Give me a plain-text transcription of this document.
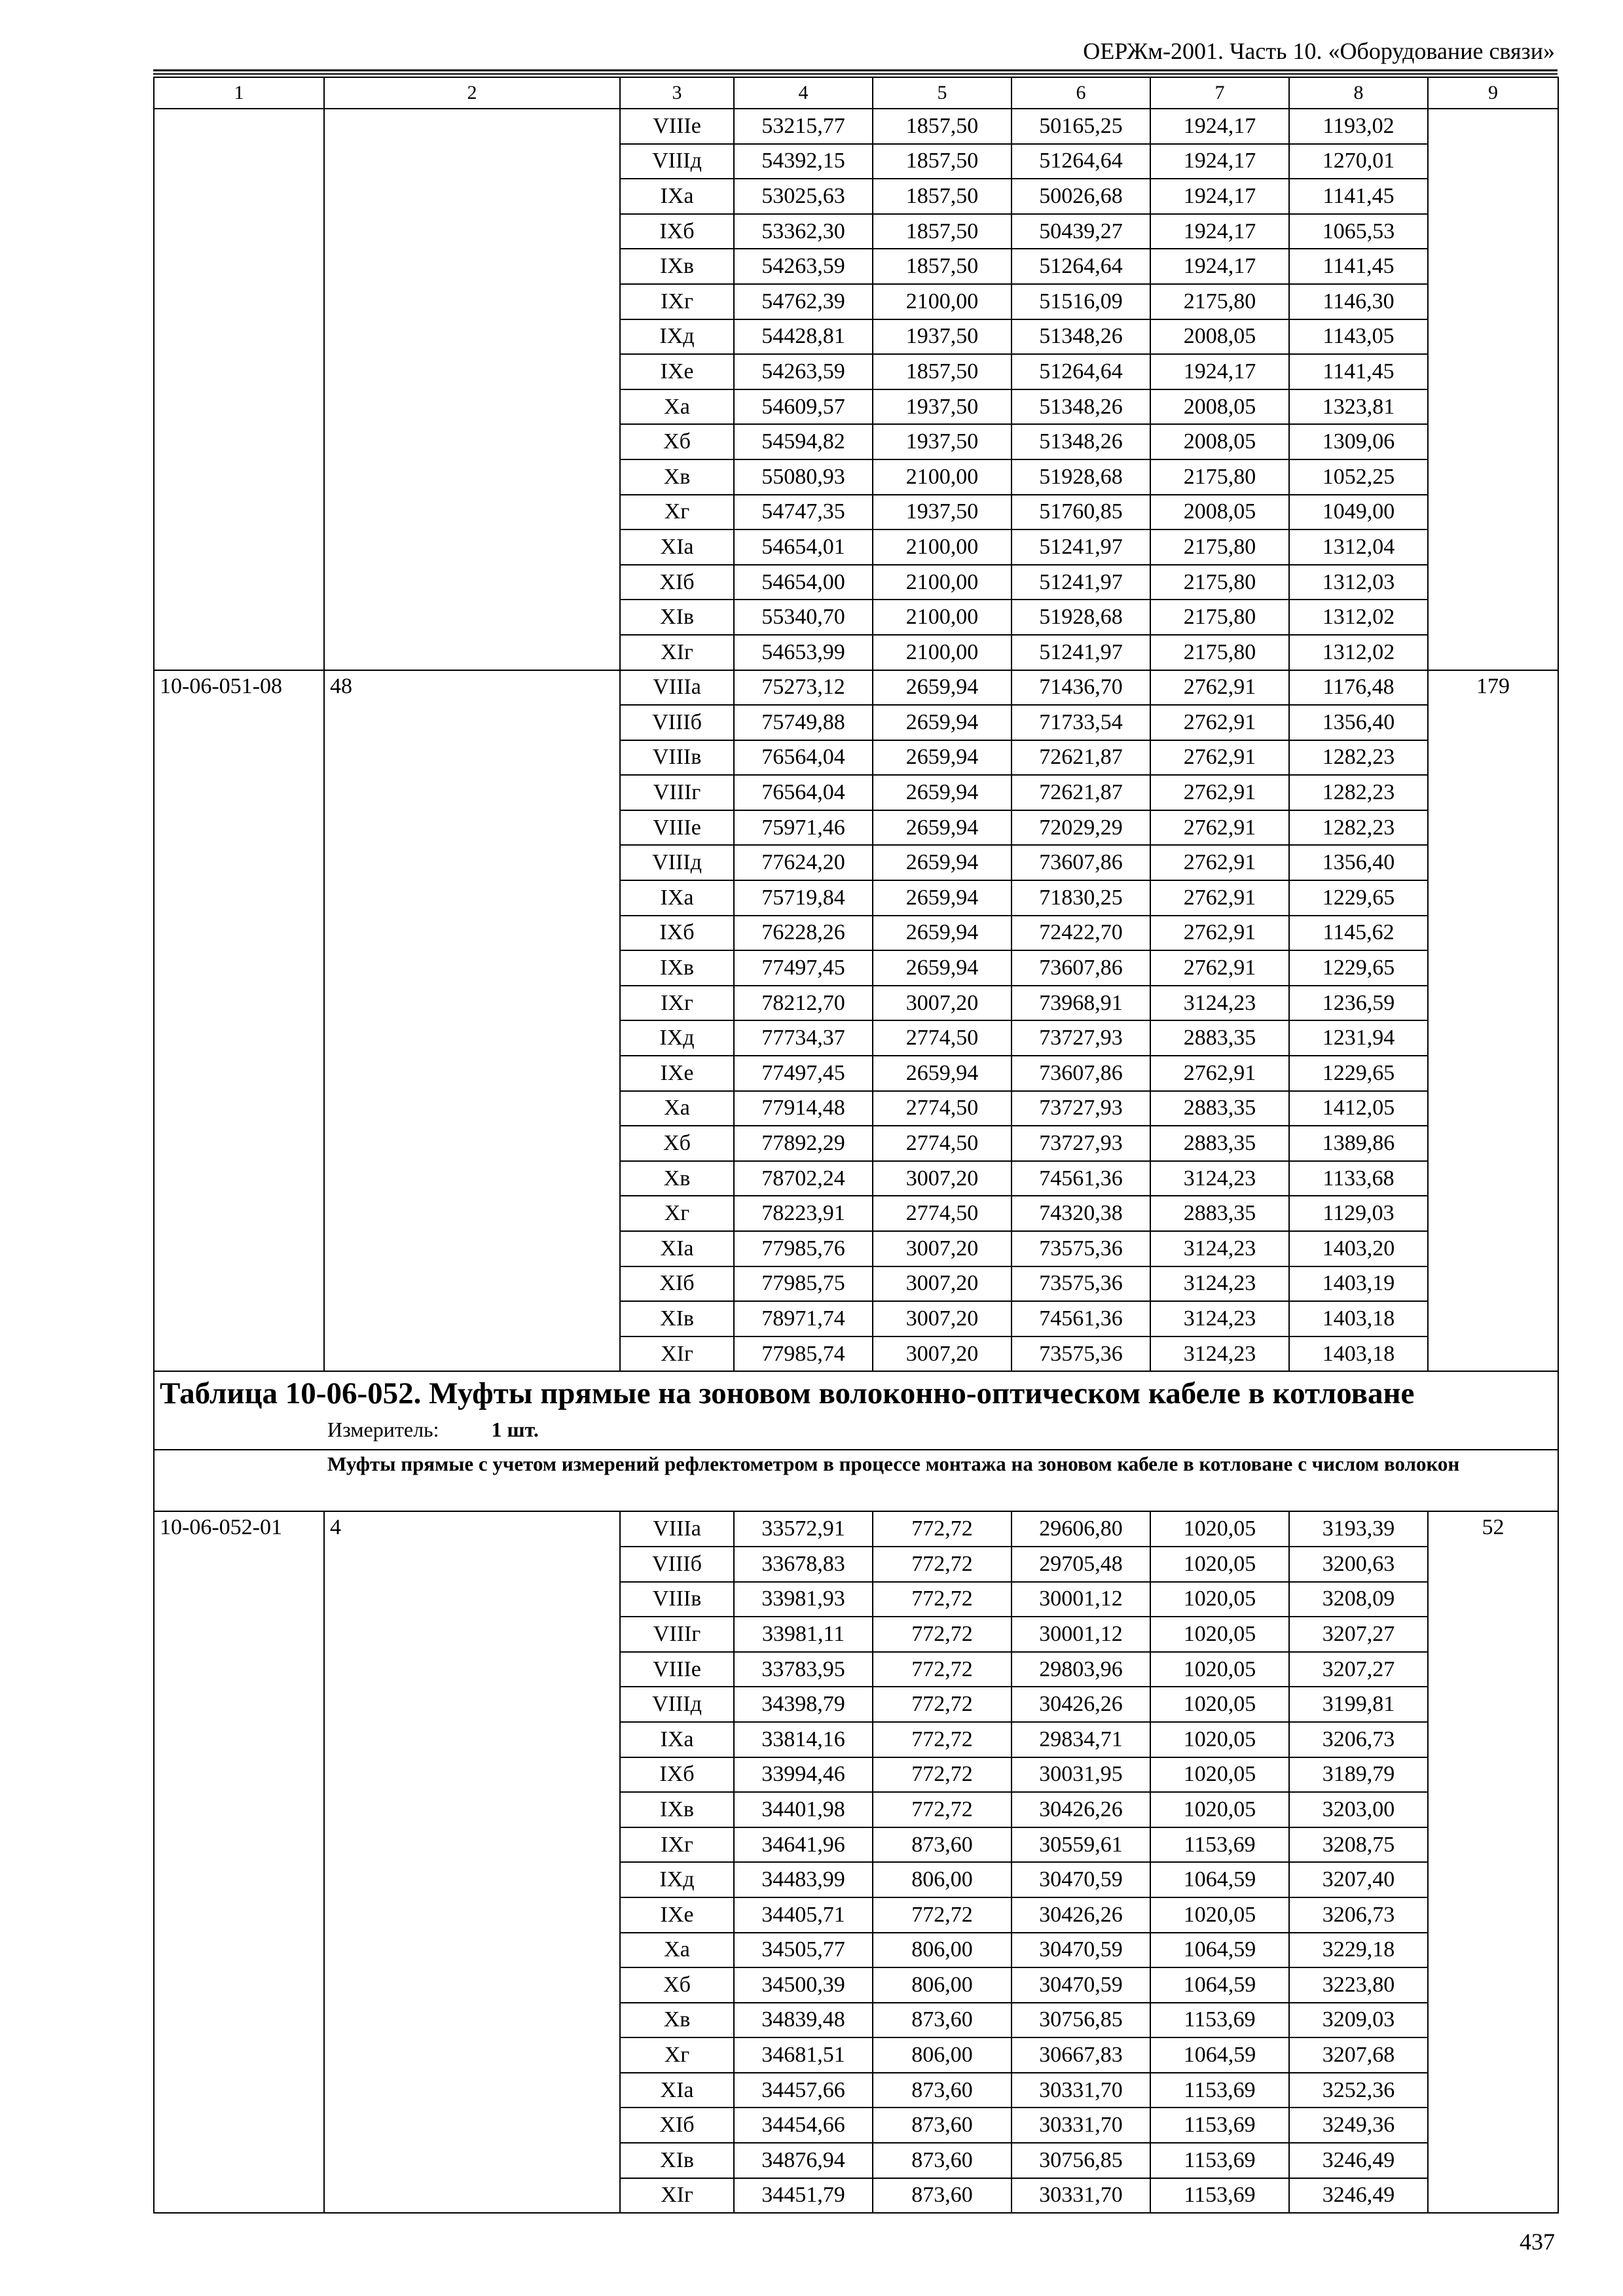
ОЕРЖм-2001. Часть 10. «Оборудование связи»
1	2	3	4	5	6	7	8	9
		VIIIе	53215,77	1857,50	50165,25	1924,17	1193,02	
		VIIIд	54392,15	1857,50	51264,64	1924,17	1270,01	
		IXа	53025,63	1857,50	50026,68	1924,17	1141,45	
		IXб	53362,30	1857,50	50439,27	1924,17	1065,53	
		IXв	54263,59	1857,50	51264,64	1924,17	1141,45	
		IXг	54762,39	2100,00	51516,09	2175,80	1146,30	
		IXд	54428,81	1937,50	51348,26	2008,05	1143,05	
		IXе	54263,59	1857,50	51264,64	1924,17	1141,45	
		Xа	54609,57	1937,50	51348,26	2008,05	1323,81	
		Xб	54594,82	1937,50	51348,26	2008,05	1309,06	
		Xв	55080,93	2100,00	51928,68	2175,80	1052,25	
		Xг	54747,35	1937,50	51760,85	2008,05	1049,00	
		XIа	54654,01	2100,00	51241,97	2175,80	1312,04	
		XIб	54654,00	2100,00	51241,97	2175,80	1312,03	
		XIв	55340,70	2100,00	51928,68	2175,80	1312,02	
		XIг	54653,99	2100,00	51241,97	2175,80	1312,02	
10-06-051-08	48	VIIIа	75273,12	2659,94	71436,70	2762,91	1176,48	179
		VIIIб	75749,88	2659,94	71733,54	2762,91	1356,40	
		VIIIв	76564,04	2659,94	72621,87	2762,91	1282,23	
		VIIIг	76564,04	2659,94	72621,87	2762,91	1282,23	
		VIIIе	75971,46	2659,94	72029,29	2762,91	1282,23	
		VIIIд	77624,20	2659,94	73607,86	2762,91	1356,40	
		IXа	75719,84	2659,94	71830,25	2762,91	1229,65	
		IXб	76228,26	2659,94	72422,70	2762,91	1145,62	
		IXв	77497,45	2659,94	73607,86	2762,91	1229,65	
		IXг	78212,70	3007,20	73968,91	3124,23	1236,59	
		IXд	77734,37	2774,50	73727,93	2883,35	1231,94	
		IXе	77497,45	2659,94	73607,86	2762,91	1229,65	
		Xа	77914,48	2774,50	73727,93	2883,35	1412,05	
		Xб	77892,29	2774,50	73727,93	2883,35	1389,86	
		Xв	78702,24	3007,20	74561,36	3124,23	1133,68	
		Xг	78223,91	2774,50	74320,38	2883,35	1129,03	
		XIа	77985,76	3007,20	73575,36	3124,23	1403,20	
		XIб	77985,75	3007,20	73575,36	3124,23	1403,19	
		XIв	78971,74	3007,20	74561,36	3124,23	1403,18	
		XIг	77985,74	3007,20	73575,36	3124,23	1403,18	

Таблица 10-06-052. Муфты прямые на зоновом волоконно-оптическом кабеле в котловане
Измеритель: 1 шт.								

Муфты прямые с учетом измерений рефлектометром в процессе монтажа на зоновом кабеле в котловане с числом волокон								

10-06-052-01	4	VIIIа	33572,91	772,72	29606,80	1020,05	3193,39	52
		VIIIб	33678,83	772,72	29705,48	1020,05	3200,63	
		VIIIв	33981,93	772,72	30001,12	1020,05	3208,09	
		VIIIг	33981,11	772,72	30001,12	1020,05	3207,27	
		VIIIе	33783,95	772,72	29803,96	1020,05	3207,27	
		VIIIд	34398,79	772,72	30426,26	1020,05	3199,81	
		IXа	33814,16	772,72	29834,71	1020,05	3206,73	
		IXб	33994,46	772,72	30031,95	1020,05	3189,79	
		IXв	34401,98	772,72	30426,26	1020,05	3203,00	
		IXг	34641,96	873,60	30559,61	1153,69	3208,75	
		IXд	34483,99	806,00	30470,59	1064,59	3207,40	
		IXе	34405,71	772,72	30426,26	1020,05	3206,73	
		Xа	34505,77	806,00	30470,59	1064,59	3229,18	
		Xб	34500,39	806,00	30470,59	1064,59	3223,80	
		Xв	34839,48	873,60	30756,85	1153,69	3209,03	
		Xг	34681,51	806,00	30667,83	1064,59	3207,68	
		XIа	34457,66	873,60	30331,70	1153,69	3252,36	
		XIб	34454,66	873,60	30331,70	1153,69	3249,36	
		XIв	34876,94	873,60	30756,85	1153,69	3246,49	
		XIг	34451,79	873,60	30331,70	1153,69	3246,49	
437
